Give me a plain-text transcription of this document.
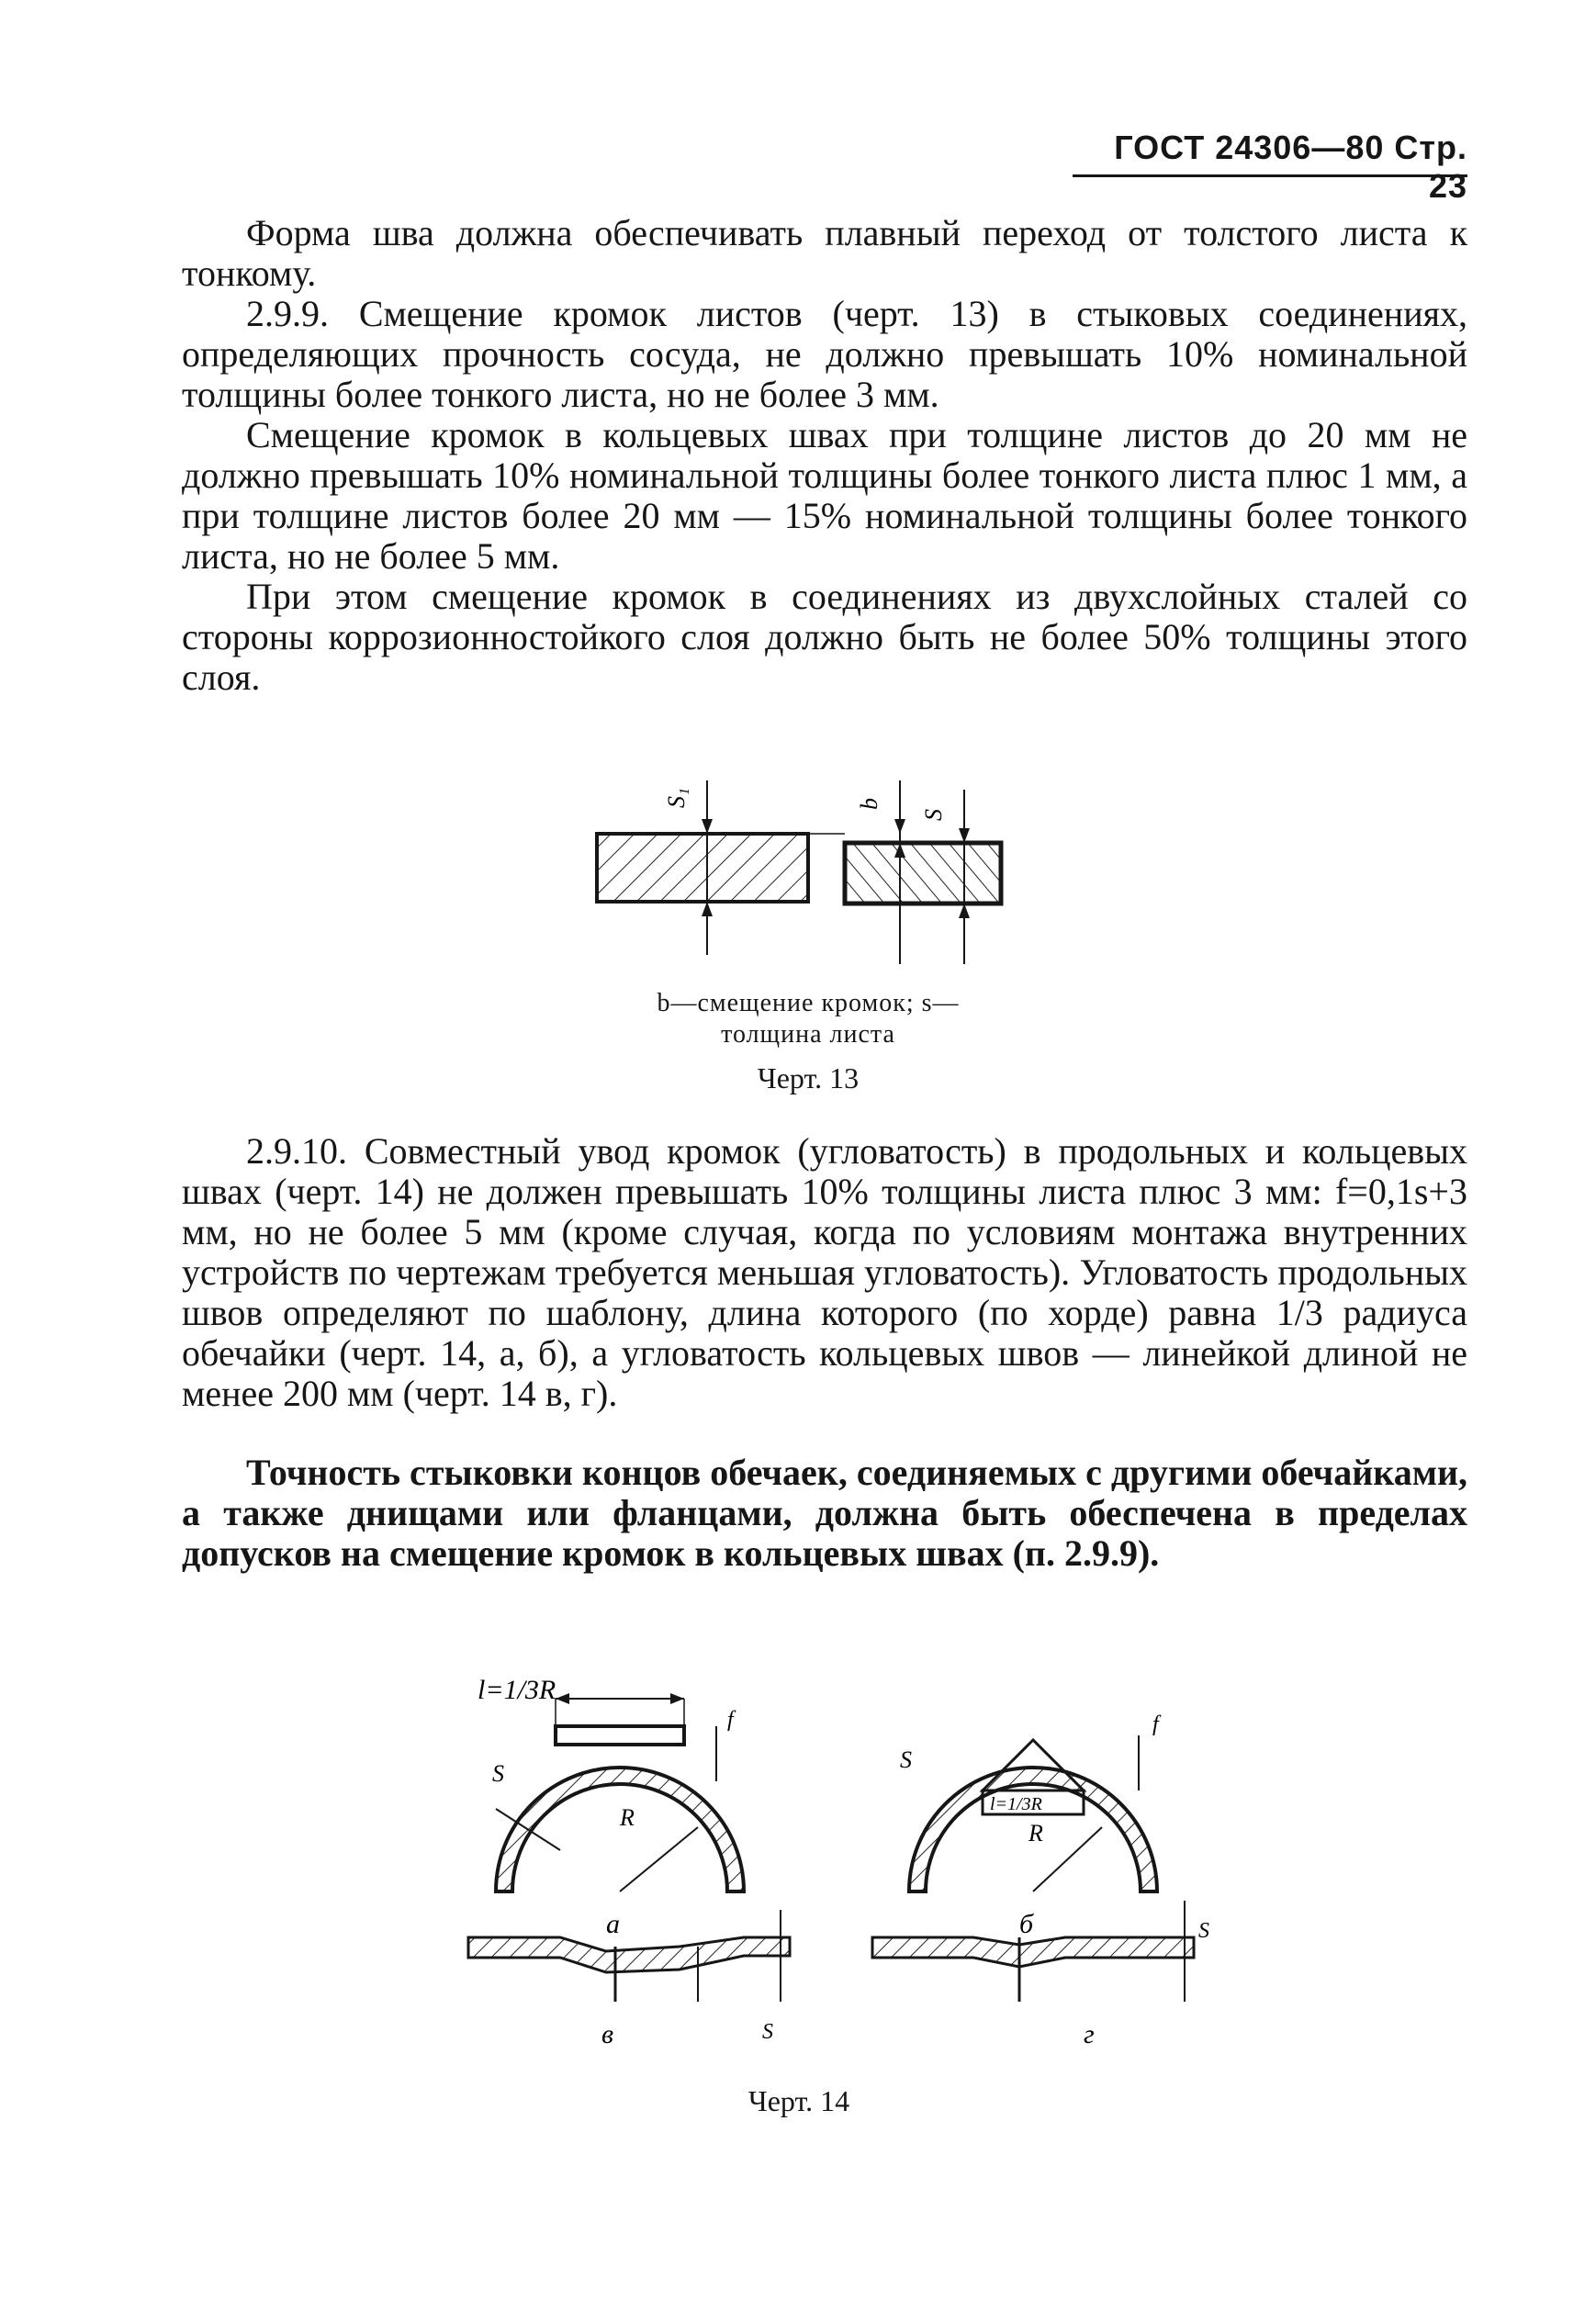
ГОСТ 24306—80 Стр. 23

Форма шва должна обеспечивать плавный переход от толстого листа к тонкому.

2.9.9. Смещение кромок листов (черт. 13) в стыковых соединениях, определяющих прочность сосуда, не должно превышать 10% номинальной толщины более тонкого листа, но не более 3 мм.

Смещение кромок в кольцевых швах при толщине листов до 20 мм не должно превышать 10% номинальной толщины более тонкого листа плюс 1 мм, а при толщине листов более 20 мм — 15% номинальной толщины более тонкого листа, но не более 5 мм.

При этом смещение кромок в соединениях из двухслойных сталей со стороны коррозионностойкого слоя должно быть не более 50% толщины этого слоя.

S₁	b
S
b—смещение кромок; s—
толщина листа
Черт. 13

2.9.10. Совместный увод кромок (угловатость) в продольных и кольцевых швах (черт. 14) не должен превышать 10% толщины листа плюс 3 мм: f=0,1s+3 мм, но не более 5 мм (кроме случая, когда по условиям монтажа внутренних устройств по чертежам требуется меньшая угловатость). Угловатость продольных швов определяют по шаблону, длина которого (по хорде) равна 1/3 радиуса обечайки (черт. 14, а, б), а угловатость кольцевых швов — линейкой длиной не менее 200 мм (черт. 14 в, г).

Точность стыковки концов обечаек, соединяемых с другими обечайками, а также днищами или фланцами, должна быть обеспечена в пределах допусков на смещение кромок в кольцевых швах (п. 2.9.9).

l=1/3R
R
S
f
а
l=1/3R
R
S
f
б
S
в
S
г
Черт. 14
